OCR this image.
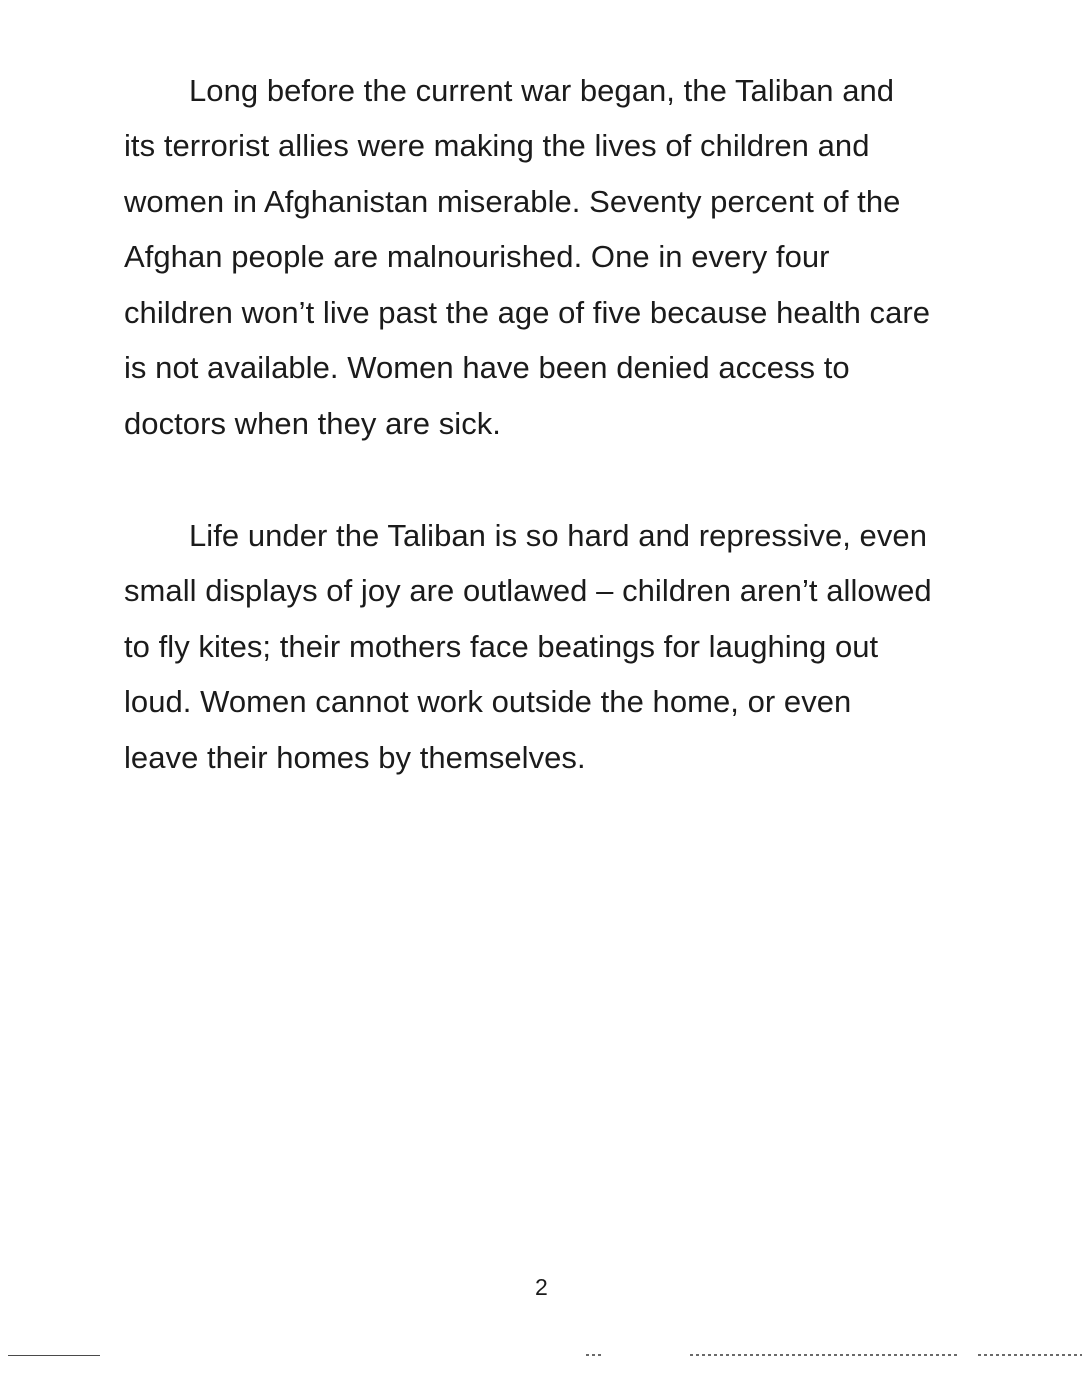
Long before the current war began, the Taliban and
its terrorist allies were making the lives of children and
women in Afghanistan miserable. Seventy percent of the
Afghan people are malnourished. One in every four
children won’t live past the age of five because health care
is not available. Women have been denied access to
doctors when they are sick.
Life under the Taliban is so hard and repressive, even
small displays of joy are outlawed – children aren’t allowed
to fly kites; their mothers face beatings for laughing out
loud. Women cannot work outside the home, or even
leave their homes by themselves.
2
